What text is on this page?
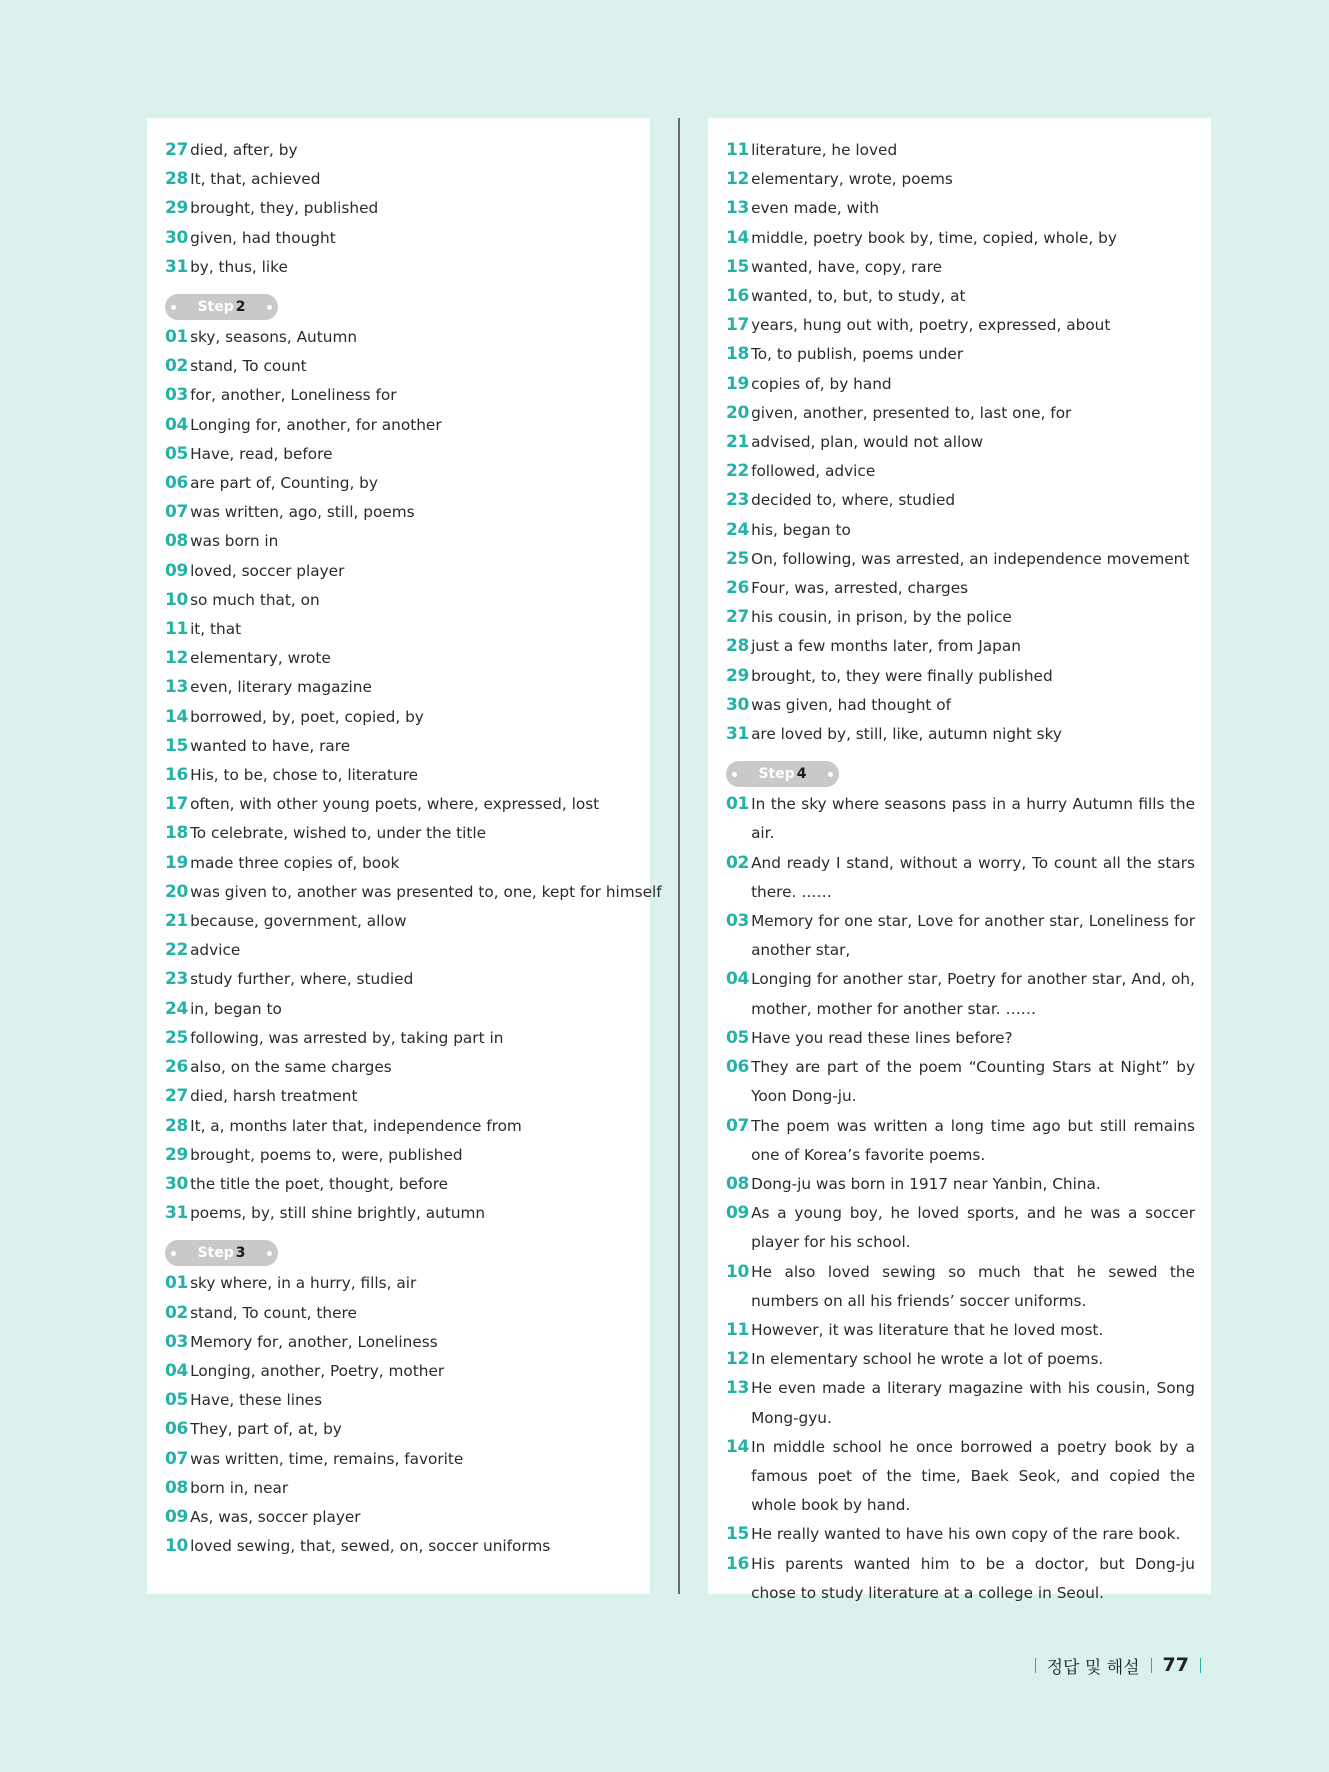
27 died, after, by
28 It, that, achieved
29 brought, they, published
30 given, had thought
31 by, thus, like
Step 2
01 sky, seasons, Autumn
02 stand, To count
03 for, another, Loneliness for
04 Longing for, another, for another
05 Have, read, before
06 are part of, Counting, by
07 was written, ago, still, poems
08 was born in
09 loved, soccer player
10 so much that, on
11 it, that
12 elementary, wrote
13 even, literary magazine
14 borrowed, by, poet, copied, by
15 wanted to have, rare
16 His, to be, chose to, literature
17 often, with other young poets, where, expressed, lost
18 To celebrate, wished to, under the title
19 made three copies of, book
20 was given to, another was presented to, one, kept for himself
21 because, government, allow
22 advice
23 study further, where, studied
24 in, began to
25 following, was arrested by, taking part in
26 also, on the same charges
27 died, harsh treatment
28 It, a, months later that, independence from
29 brought, poems to, were, published
30 the title the poet, thought, before
31 poems, by, still shine brightly, autumn
Step 3
01 sky where, in a hurry, fills, air
02 stand, To count, there
03 Memory for, another, Loneliness
04 Longing, another, Poetry, mother
05 Have, these lines
06 They, part of, at, by
07 was written, time, remains, favorite
08 born in, near
09 As, was, soccer player
10 loved sewing, that, sewed, on, soccer uniforms
11 literature, he loved
12 elementary, wrote, poems
13 even made, with
14 middle, poetry book by, time, copied, whole, by
15 wanted, have, copy, rare
16 wanted, to, but, to study, at
17 years, hung out with, poetry, expressed, about
18 To, to publish, poems under
19 copies of, by hand
20 given, another, presented to, last one, for
21 advised, plan, would not allow
22 followed, advice
23 decided to, where, studied
24 his, began to
25 On, following, was arrested, an independence movement
26 Four, was, arrested, charges
27 his cousin, in prison, by the police
28 just a few months later, from Japan
29 brought, to, they were finally published
30 was given, had thought of
31 are loved by, still, like, autumn night sky
Step 4
01 In the sky where seasons pass in a hurry Autumn fills the air.
02 And ready I stand, without a worry, To count all the stars there. ……
03 Memory for one star, Love for another star, Loneliness for another star,
04 Longing for another star, Poetry for another star, And, oh, mother, mother for another star. ……
05 Have you read these lines before?
06 They are part of the poem “Counting Stars at Night” by Yoon Dong-ju.
07 The poem was written a long time ago but still remains one of Korea’s favorite poems.
08 Dong-ju was born in 1917 near Yanbin, China.
09 As a young boy, he loved sports, and he was a soccer player for his school.
10 He also loved sewing so much that he sewed the numbers on all his friends’ soccer uniforms.
11 However, it was literature that he loved most.
12 In elementary school he wrote a lot of poems.
13 He even made a literary magazine with his cousin, Song Mong-gyu.
14 In middle school he once borrowed a poetry book by a famous poet of the time, Baek Seok, and copied the whole book by hand.
15 He really wanted to have his own copy of the rare book.
16 His parents wanted him to be a doctor, but Dong-ju chose to study literature at a college in Seoul.
정답 및 해설 77
